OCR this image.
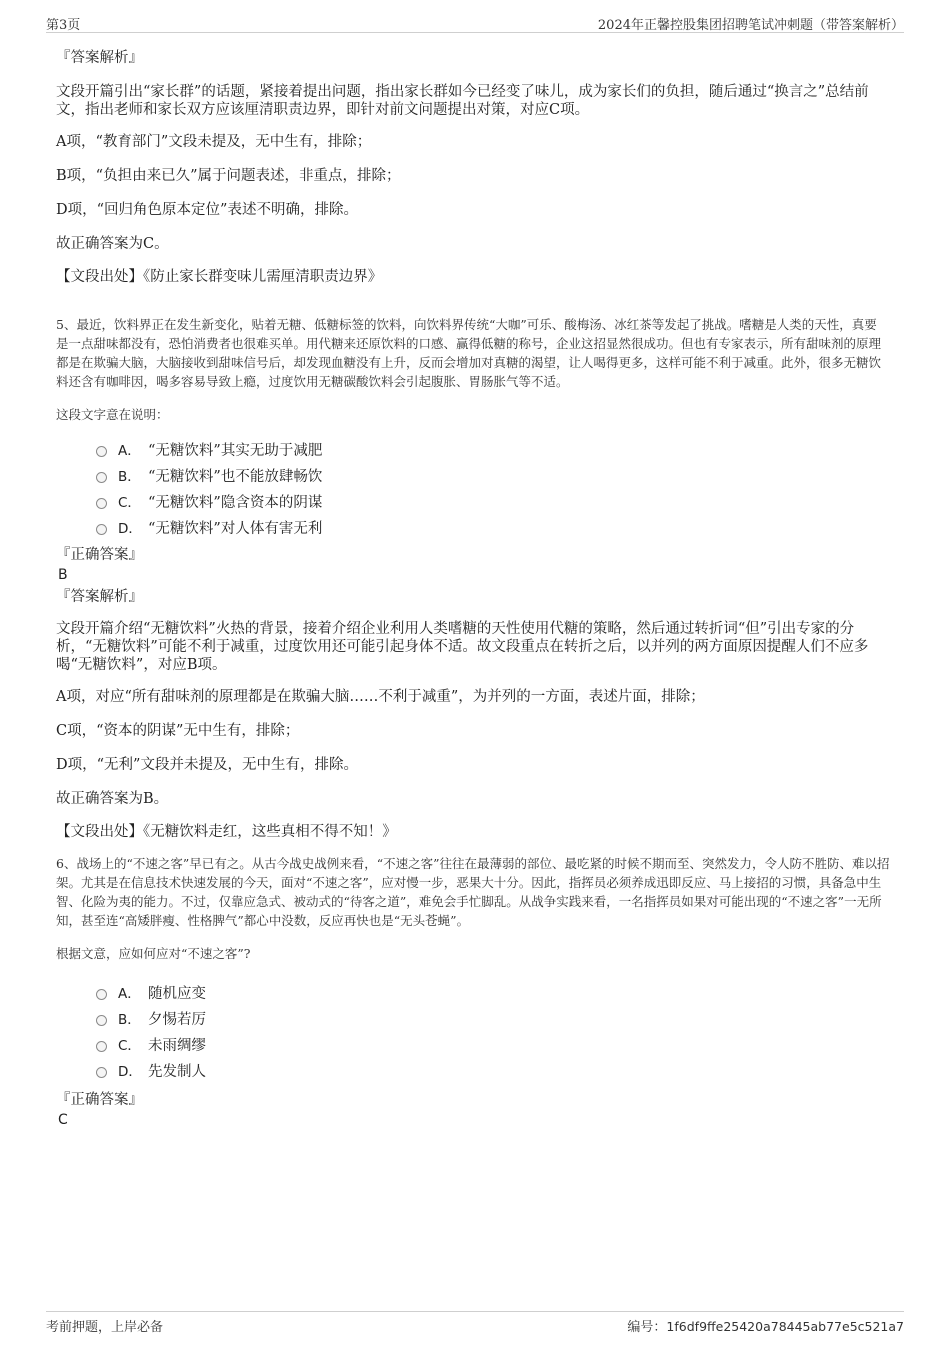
第3页	2024年正馨控股集团招聘笔试冲刺题（带答案解析）

『答案解析』

文段开篇引出“家长群”的话题，紧接着提出问题，指出家长群如今已经变了味儿，成为家长们的负担，随后通过“换言之”总结前文，指出老师和家长双方应该厘清职责边界，即针对前文问题提出对策，对应C项。

A项，“教育部门”文段未提及，无中生有，排除；

B项，“负担由来已久”属于问题表述，非重点，排除；

D项，“回归角色原本定位”表述不明确，排除。

故正确答案为C。

【文段出处】《防止家长群变味儿需厘清职责边界》

5、最近，饮料界正在发生新变化，贴着无糖、低糖标签的饮料，向饮料界传统“大咖”可乐、酸梅汤、冰红茶等发起了挑战。嗜糖是人类的天性，真要是一点甜味都没有，恐怕消费者也很难买单。用代糖来还原饮料的口感、赢得低糖的称号，企业这招显然很成功。但也有专家表示，所有甜味剂的原理都是在欺骗大脑，大脑接收到甜味信号后，却发现血糖没有上升，反而会增加对真糖的渴望，让人喝得更多，这样可能不利于减重。此外，很多无糖饮料还含有咖啡因，喝多容易导致上瘾，过度饮用无糖碳酸饮料会引起腹胀、胃肠胀气等不适。

这段文字意在说明：

A． “无糖饮料”其实无助于减肥
B． “无糖饮料”也不能放肆畅饮
C． “无糖饮料”隐含资本的阴谋
D． “无糖饮料”对人体有害无利

『正确答案』

B

『答案解析』

文段开篇介绍“无糖饮料”火热的背景，接着介绍企业利用人类嗜糖的天性使用代糖的策略，然后通过转折词“但”引出专家的分析，“无糖饮料”可能不利于减重，过度饮用还可能引起身体不适。故文段重点在转折之后，以并列的两方面原因提醒人们不应多喝“无糖饮料”，对应B项。

A项，对应“所有甜味剂的原理都是在欺骗大脑……不利于减重”，为并列的一方面，表述片面，排除；

C项，“资本的阴谋”无中生有，排除；

D项，“无利”文段并未提及，无中生有，排除。

故正确答案为B。

【文段出处】《无糖饮料走红，这些真相不得不知！》

6、战场上的“不速之客”早已有之。从古今战史战例来看，“不速之客”往往在最薄弱的部位、最吃紧的时候不期而至、突然发力，令人防不胜防、难以招架。尤其是在信息技术快速发展的今天，面对“不速之客”，应对慢一步，恶果大十分。因此，指挥员必须养成迅即反应、马上接招的习惯，具备急中生智、化险为夷的能力。不过，仅靠应急式、被动式的“待客之道”，难免会手忙脚乱。从战争实践来看，一名指挥员如果对可能出现的“不速之客”一无所知，甚至连“高矮胖瘦、性格脾气”都心中没数，反应再快也是“无头苍蝇”。

根据文意，应如何应对“不速之客”?

A． 随机应变
B． 夕惕若厉
C． 未雨绸缪
D． 先发制人

『正确答案』

C

考前押题，上岸必备	编号：1f6df9ffe25420a78445ab77e5c521a7
